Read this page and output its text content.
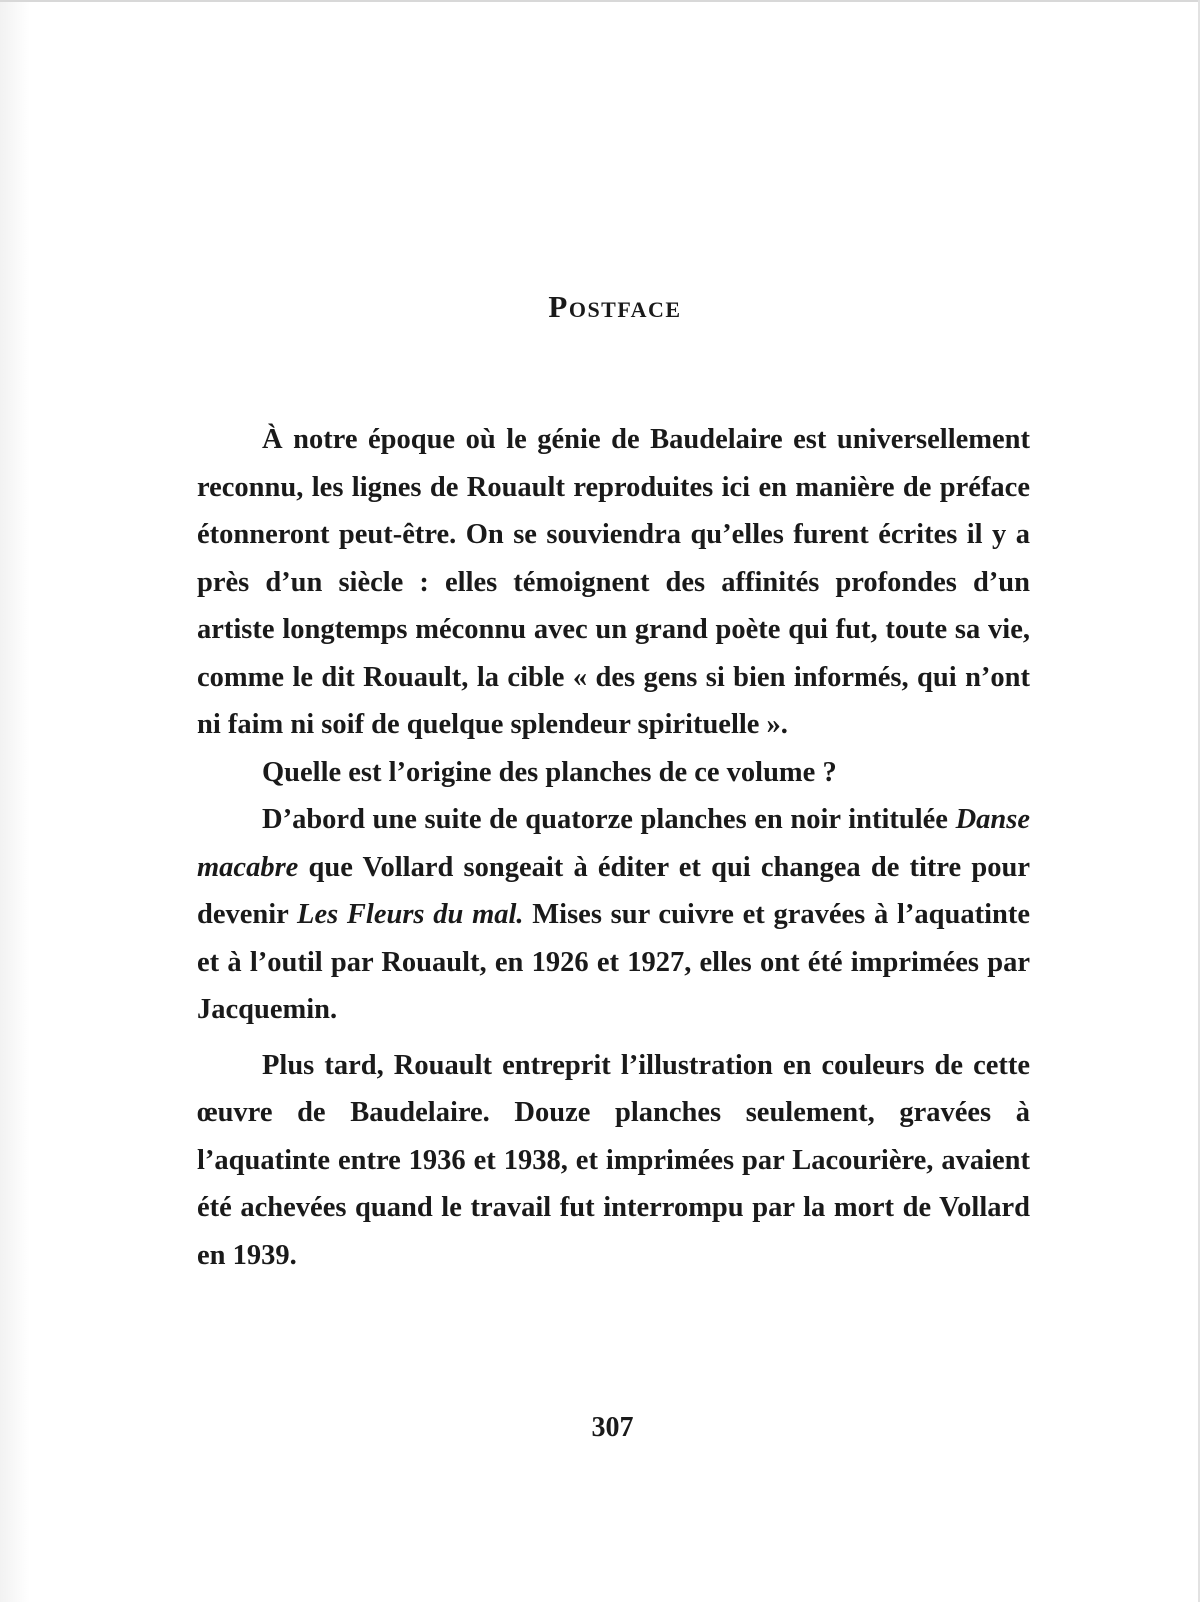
Postface

À notre époque où le génie de Baudelaire est universellement reconnu, les lignes de Rouault reproduites ici en manière de préface étonneront peut-être. On se souviendra qu’elles furent écrites il y a près d’un siècle : elles témoignent des affinités profondes d’un artiste longtemps méconnu avec un grand poète qui fut, toute sa vie, comme le dit Rouault, la cible « des gens si bien informés, qui n’ont ni faim ni soif de quelque splendeur spirituelle ».

Quelle est l’origine des planches de ce volume ?

D’abord une suite de quatorze planches en noir intitulée Danse macabre que Vollard songeait à éditer et qui changea de titre pour devenir Les Fleurs du mal. Mises sur cuivre et gravées à l’aquatinte et à l’outil par Rouault, en 1926 et 1927, elles ont été imprimées par Jacquemin.

Plus tard, Rouault entreprit l’illustration en couleurs de cette œuvre de Baudelaire. Douze planches seulement, gravées à l’aquatinte entre 1936 et 1938, et imprimées par Lacourière, avaient été achevées quand le travail fut interrompu par la mort de Vollard en 1939.

307
